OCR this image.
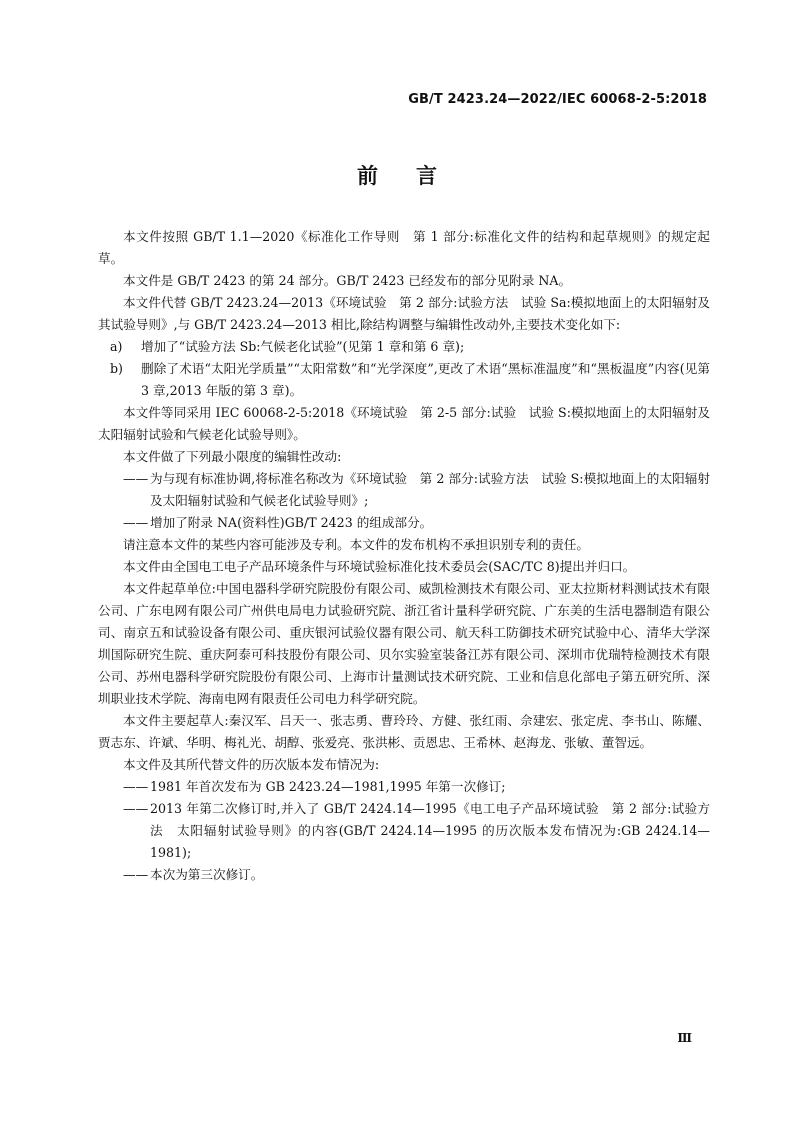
GB/T 2423.24—2022/IEC 60068-2-5:2018
前言

本文件按照 GB/T 1.1—2020《标准化工作导则　第 1 部分:标准化文件的结构和起草规则》的规定起草。

本文件是 GB/T 2423 的第 24 部分。GB/T 2423 已经发布的部分见附录 NA。

本文件代替 GB/T 2423.24—2013《环境试验　第 2 部分:试验方法　试验 Sa:模拟地面上的太阳辐射及其试验导则》,与 GB/T 2423.24—2013 相比,除结构调整与编辑性改动外,主要技术变化如下:

a) 增加了“试验方法 Sb:气候老化试验”(见第 1 章和第 6 章);

b) 删除了术语“太阳光学质量”“太阳常数”和“光学深度”,更改了术语“黑标准温度”和“黑板温度”内容(见第 3 章,2013 年版的第 3 章)。

本文件等同采用 IEC 60068-2-5:2018《环境试验　第 2-5 部分:试验　试验 S:模拟地面上的太阳辐射及太阳辐射试验和气候老化试验导则》。

本文件做了下列最小限度的编辑性改动:

—— 为与现有标准协调,将标准名称改为《环境试验　第 2 部分:试验方法　试验 S:模拟地面上的太阳辐射及太阳辐射试验和气候老化试验导则》;

—— 增加了附录 NA(资料性)GB/T 2423 的组成部分。

请注意本文件的某些内容可能涉及专利。本文件的发布机构不承担识别专利的责任。

本文件由全国电工电子产品环境条件与环境试验标准化技术委员会(SAC/TC 8)提出并归口。

本文件起草单位:中国电器科学研究院股份有限公司、威凯检测技术有限公司、亚太拉斯材料测试技术有限公司、广东电网有限公司广州供电局电力试验研究院、浙江省计量科学研究院、广东美的生活电器制造有限公司、南京五和试验设备有限公司、重庆银河试验仪器有限公司、航天科工防御技术研究试验中心、清华大学深圳国际研究生院、重庆阿泰可科技股份有限公司、贝尔实验室装备江苏有限公司、深圳市优瑞特检测技术有限公司、苏州电器科学研究院股份有限公司、上海市计量测试技术研究院、工业和信息化部电子第五研究所、深圳职业技术学院、海南电网有限责任公司电力科学研究院。

本文件主要起草人:秦汉军、吕天一、张志勇、曹玲玲、方健、张红雨、佘建宏、张定虎、李书山、陈耀、贾志东、许斌、华明、梅礼光、胡醇、张爱亮、张洪彬、贡恩忠、王希林、赵海龙、张敏、董智远。

本文件及其所代替文件的历次版本发布情况为:

—— 1981 年首次发布为 GB 2423.24—1981,1995 年第一次修订;

—— 2013 年第二次修订时,并入了 GB/T 2424.14—1995《电工电子产品环境试验　第 2 部分:试验方法　太阳辐射试验导则》的内容(GB/T 2424.14—1995 的历次版本发布情况为:GB 2424.14—1981);

—— 本次为第三次修订。

Ⅲ
